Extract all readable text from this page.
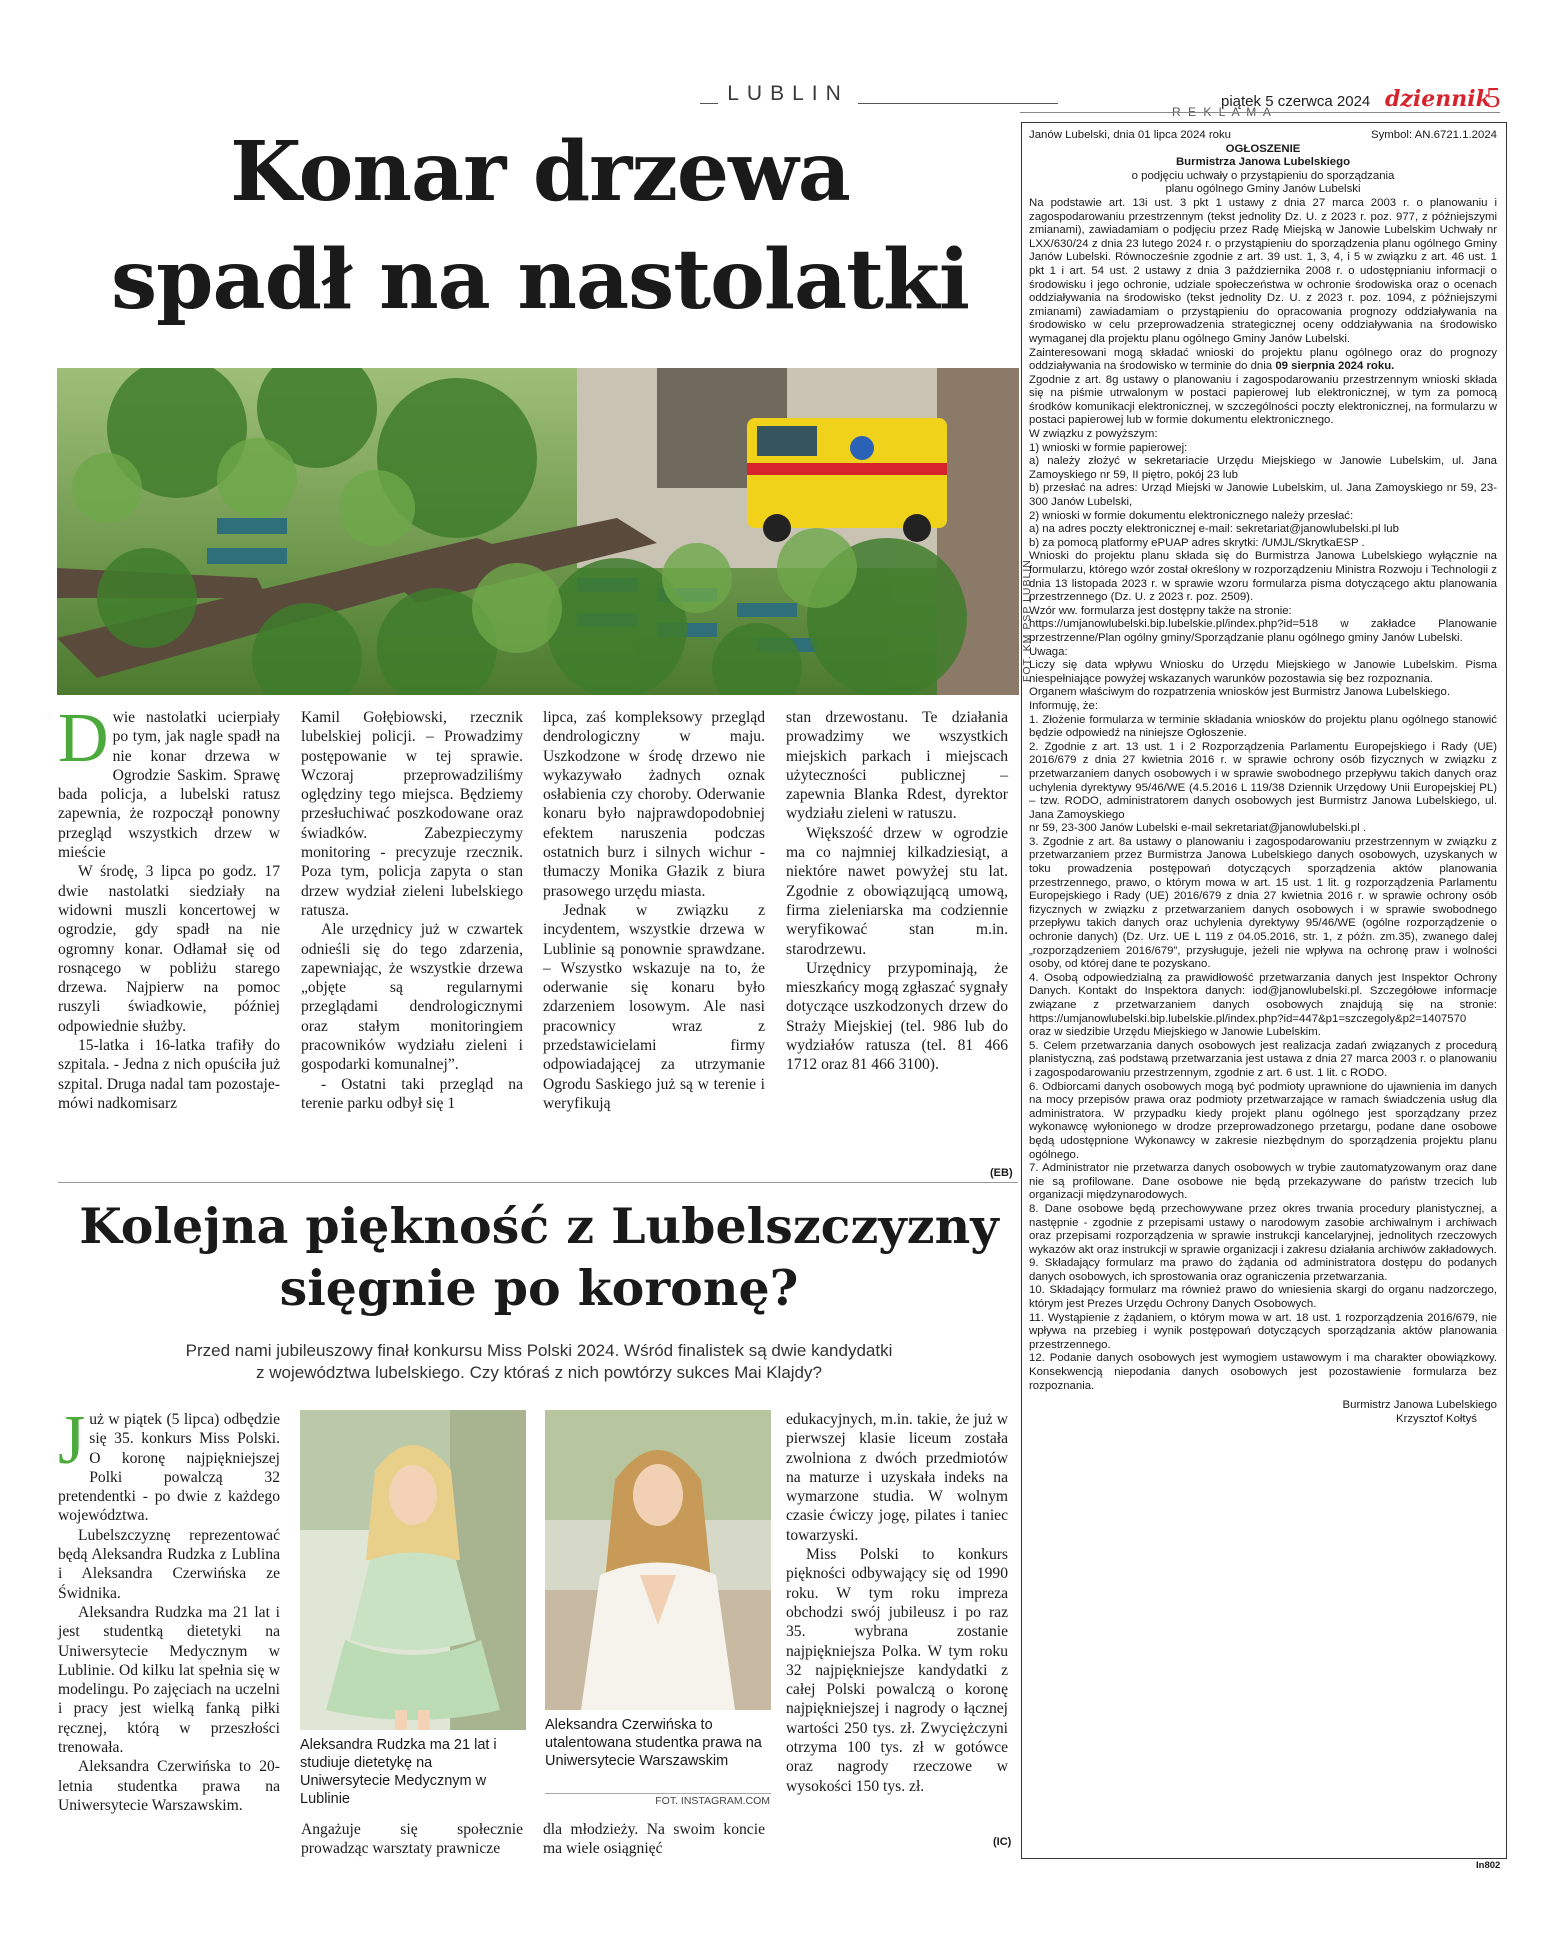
LUBLIN	piątek 5 czerwca 2024 dziennik
5
R E K L A M A
Konar drzewa
spadł na nastolatki
FOT. KM PSP LUBLIN

Dwie nastolatki ucierpiały po tym, jak nagle spadł na nie konar drzewa w Ogrodzie Saskim. Sprawę bada policja, a lubelski ratusz zapewnia, że rozpoczął ponowny przegląd wszystkich drzew w mieście

W środę, 3 lipca po godz. 17 dwie nastolatki siedziały na widowni muszli koncertowej w ogrodzie, gdy spadł na nie ogromny konar. Odłamał się od rosnącego w pobliżu starego drzewa. Najpierw na pomoc ruszyli świadkowie, później odpowiednie służby.

15-latka i 16-latka trafiły do szpitala. - Jedna z nich opuściła już szpital. Druga nadal tam pozostaje- mówi nadkomisarz

Kamil Gołębiowski, rzecznik lubelskiej policji. – Prowadzimy postępowanie w tej sprawie. Wczoraj przeprowadziliśmy oględziny tego miejsca. Będziemy przesłuchiwać poszkodowane oraz świadków. Zabezpieczymy monitoring - precyzuje rzecznik. Poza tym, policja zapyta o stan drzew wydział zieleni lubelskiego ratusza.

Ale urzędnicy już w czwartek odnieśli się do tego zdarzenia, zapewniając, że wszystkie drzewa „objęte są regularnymi przeglądami dendrologicznymi oraz stałym monitoringiem pracowników wydziału zieleni i gospodarki komunalnej”.

- Ostatni taki przegląd na terenie parku odbył się 1

lipca, zaś kompleksowy przegląd dendrologiczny w maju. Uszkodzone w środę drzewo nie wykazywało żadnych oznak osłabienia czy choroby. Oderwanie konaru było najprawdopodobniej efektem naruszenia podczas ostatnich burz i silnych wichur - tłumaczy Monika Głazik z biura prasowego urzędu miasta.

Jednak w związku z incydentem, wszystkie drzewa w Lublinie są ponownie sprawdzane. – Wszystko wskazuje na to, że oderwanie się konaru było zdarzeniem losowym. Ale nasi pracownicy wraz z przedstawicielami firmy odpowiadającej za utrzymanie Ogrodu Saskiego już są w terenie i weryfikują

stan drzewostanu. Te działania prowadzimy we wszystkich miejskich parkach i miejscach użyteczności publicznej – zapewnia Blanka Rdest, dyrektor wydziału zieleni w ratuszu.

Większość drzew w ogrodzie ma co najmniej kilkadziesiąt, a niektóre nawet powyżej stu lat. Zgodnie z obowiązującą umową, firma zieleniarska ma codziennie weryfikować stan m.in. starodrzewu.

Urzędnicy przypominają, że mieszkańcy mogą zgłaszać sygnały dotyczące uszkodzonych drzew do Straży Miejskiej (tel. 986 lub do wydziałów ratusza (tel. 81 466 1712 oraz 81 466 3100).

(EB)
Kolejna piękność z Lubelszczyzny
sięgnie po koronę?
Przed nami jubileuszowy finał konkursu Miss Polski 2024. Wśród finalistek są dwie kandydatki
z województwa lubelskiego. Czy któraś z nich powtórzy sukces Mai Klajdy?

Już w piątek (5 lipca) odbędzie się 35. konkurs Miss Polski. O koronę najpiękniejszej Polki powalczą 32 pretendentki - po dwie z każdego województwa.

Lubelszczyznę reprezentować będą Aleksandra Rudzka z Lublina i Aleksandra Czerwińska ze Świdnika.

Aleksandra Rudzka ma 21 lat i jest studentką dietetyki na Uniwersytecie Medycznym w Lublinie. Od kilku lat spełnia się w modelingu. Po zajęciach na uczelni i pracy jest wielką fanką piłki ręcznej, którą w przeszłości trenowała.

Aleksandra Czerwińska to 20-letnia studentka prawa na Uniwersytecie Warszawskim.

Aleksandra Rudzka ma 21 lat i studiuje dietetykę na Uniwersytecie Medycznym w Lublinie
Aleksandra Czerwińska to utalentowana studentka prawa na Uniwersytecie Warszawskim
FOT. INSTAGRAM.COM

Angażuje się społecznie prowadząc warsztaty prawnicze

dla młodzieży. Na swoim koncie ma wiele osiągnięć

edukacyjnych, m.in. takie, że już w pierwszej klasie liceum została zwolniona z dwóch przedmiotów na maturze i uzyskała indeks na wymarzone studia. W wolnym czasie ćwiczy jogę, pilates i taniec towarzyski.

Miss Polski to konkurs piękności odbywający się od 1990 roku. W tym roku impreza obchodzi swój jubileusz i po raz 35. wybrana zostanie najpiękniejsza Polka. W tym roku 32 najpiękniejsze kandydatki z całej Polski powalczą o koronę najpiękniejszej i nagrody o łącznej wartości 250 tys. zł. Zwyciężczyni otrzyma 100 tys. zł w gotówce oraz nagrody rzeczowe w wysokości 150 tys. zł.

(IC)
Janów Lubelski, dnia 01 lipca 2024 roku	Symbol: AN.6721.1.2024
OGŁOSZENIE
Burmistrza Janowa Lubelskiego
o podjęciu uchwały o przystąpieniu do sporządzania planu ogólnego Gminy Janów Lubelski
Na podstawie art. 13i ust. 3 pkt 1 ustawy z dnia 27 marca 2003 r. o planowaniu i zagospodarowaniu przestrzennym (tekst jednolity Dz. U. z 2023 r. poz. 977, z późniejszymi zmianami), zawiadamiam o podjęciu przez Radę Miejską w Janowie Lubelskim Uchwały nr LXX/630/24 z dnia 23 lutego 2024 r. o przystąpieniu do sporządzenia planu ogólnego Gminy Janów Lubelski. Równocześnie zgodnie z art. 39 ust. 1, 3, 4, i 5 w związku z art. 46 ust. 1 pkt 1 i art. 54 ust. 2 ustawy z dnia 3 października 2008 r. o udostępnianiu informacji o środowisku i jego ochronie, udziale społeczeństwa w ochronie środowiska oraz o ocenach oddziaływania na środowisko (tekst jednolity Dz. U. z 2023 r. poz. 1094, z późniejszymi zmianami) zawiadamiam o przystąpieniu do opracowania prognozy oddziaływania na środowisko w celu przeprowadzenia strategicznej oceny oddziaływania na środowisko wymaganej dla projektu planu ogólnego Gminy Janów Lubelski.
Zainteresowani mogą składać wnioski do projektu planu ogólnego oraz do prognozy oddziaływania na środowisko w terminie do dnia 09 sierpnia 2024 roku.
Zgodnie z art. 8g ustawy o planowaniu i zagospodarowaniu przestrzennym wnioski składa się na piśmie utrwalonym w postaci papierowej lub elektronicznej, w tym za pomocą środków komunikacji elektronicznej, w szczególności poczty elektronicznej, na formularzu w postaci papierowej lub w formie dokumentu elektronicznego.
W związku z powyższym:
1) wnioski w formie papierowej:
a) należy złożyć w sekretariacie Urzędu Miejskiego w Janowie Lubelskim, ul. Jana Zamoyskiego nr 59, II piętro, pokój 23 lub
b) przesłać na adres: Urząd Miejski w Janowie Lubelskim, ul. Jana Zamoyskiego nr 59, 23-300 Janów Lubelski,
2) wnioski w formie dokumentu elektronicznego należy przesłać:
a) na adres poczty elektronicznej e-mail: sekretariat@janowlubelski.pl lub
b) za pomocą platformy ePUAP adres skrytki: /UMJL/SkrytkaESP .
Wnioski do projektu planu składa się do Burmistrza Janowa Lubelskiego wyłącznie na formularzu, którego wzór został określony w rozporządzeniu Ministra Rozwoju i Technologii z dnia 13 listopada 2023 r. w sprawie wzoru formularza pisma dotyczącego aktu planowania przestrzennego (Dz. U. z 2023 r. poz. 2509).
Wzór ww. formularza jest dostępny także na stronie:
https://umjanowlubelski.bip.lubelskie.pl/index.php?id=518 w zakładce Planowanie przestrzenne/Plan ogólny gminy/Sporządzanie planu ogólnego gminy Janów Lubelski.
Uwaga:
Liczy się data wpływu Wniosku do Urzędu Miejskiego w Janowie Lubelskim. Pisma niespełniające powyżej wskazanych warunków pozostawia się bez rozpoznania.
Organem właściwym do rozpatrzenia wniosków jest Burmistrz Janowa Lubelskiego.
Informuję, że:
1. Złożenie formularza w terminie składania wniosków do projektu planu ogólnego stanowić będzie odpowiedź na niniejsze Ogłoszenie.
2. Zgodnie z art. 13 ust. 1 i 2 Rozporządzenia Parlamentu Europejskiego i Rady (UE) 2016/679 z dnia 27 kwietnia 2016 r. w sprawie ochrony osób fizycznych w związku z przetwarzaniem danych osobowych i w sprawie swobodnego przepływu takich danych oraz uchylenia dyrektywy 95/46/WE (4.5.2016 L 119/38 Dziennik Urzędowy Unii Europejskiej PL) – tzw. RODO, administratorem danych osobowych jest Burmistrz Janowa Lubelskiego, ul. Jana Zamoyskiego
nr 59, 23-300 Janów Lubelski e-mail sekretariat@janowlubelski.pl .
3. Zgodnie z art. 8a ustawy o planowaniu i zagospodarowaniu przestrzennym w związku z przetwarzaniem przez Burmistrza Janowa Lubelskiego danych osobowych, uzyskanych w toku prowadzenia postępowań dotyczących sporządzenia aktów planowania przestrzennego, prawo, o którym mowa w art. 15 ust. 1 lit. g rozporządzenia Parlamentu Europejskiego i Rady (UE) 2016/679 z dnia 27 kwietnia 2016 r. w sprawie ochrony osób fizycznych w związku z przetwarzaniem danych osobowych i w sprawie swobodnego przepływu takich danych oraz uchylenia dyrektywy 95/46/WE (ogólne rozporządzenie o ochronie danych) (Dz. Urz. UE L 119 z 04.05.2016, str. 1, z późn. zm.35), zwanego dalej „rozporządzeniem 2016/679”, przysługuje, jeżeli nie wpływa na ochronę praw i wolności osoby, od której dane te pozyskano.
4. Osobą odpowiedzialną za prawidłowość przetwarzania danych jest Inspektor Ochrony Danych. Kontakt do Inspektora danych: iod@janowlubelski.pl. Szczegółowe informacje związane z przetwarzaniem danych osobowych znajdują się na stronie: https://umjanowlubelski.bip.lubelskie.pl/index.php?id=447&p1=szczegoly&p2=1407570
oraz w siedzibie Urzędu Miejskiego w Janowie Lubelskim.
5. Celem przetwarzania danych osobowych jest realizacja zadań związanych z procedurą planistyczną, zaś podstawą przetwarzania jest ustawa z dnia 27 marca 2003 r. o planowaniu i zagospodarowaniu przestrzennym, zgodnie z art. 6 ust. 1 lit. c RODO.
6. Odbiorcami danych osobowych mogą być podmioty uprawnione do ujawnienia im danych na mocy przepisów prawa oraz podmioty przetwarzające w ramach świadczenia usług dla administratora. W przypadku kiedy projekt planu ogólnego jest sporządzany przez wykonawcę wyłonionego w drodze przeprowadzonego przetargu, podane dane osobowe będą udostępnione Wykonawcy w zakresie niezbędnym do sporządzenia projektu planu ogólnego.
7. Administrator nie przetwarza danych osobowych w trybie zautomatyzowanym oraz dane nie są profilowane. Dane osobowe nie będą przekazywane do państw trzecich lub organizacji międzynarodowych.
8. Dane osobowe będą przechowywane przez okres trwania procedury planistycznej, a następnie - zgodnie z przepisami ustawy o narodowym zasobie archiwalnym i archiwach oraz przepisami rozporządzenia w sprawie instrukcji kancelaryjnej, jednolitych rzeczowych wykazów akt oraz instrukcji w sprawie organizacji i zakresu działania archiwów zakładowych.
9. Składający formularz ma prawo do żądania od administratora dostępu do podanych danych osobowych, ich sprostowania oraz ograniczenia przetwarzania.
10. Składający formularz ma również prawo do wniesienia skargi do organu nadzorczego, którym jest Prezes Urzędu Ochrony Danych Osobowych.
11. Wystąpienie z żądaniem, o którym mowa w art. 18 ust. 1 rozporządzenia 2016/679, nie wpływa na przebieg i wynik postępowań dotyczących sporządzania aktów planowania przestrzennego.
12. Podanie danych osobowych jest wymogiem ustawowym i ma charakter obowiązkowy. Konsekwencją niepodania danych osobowych jest pozostawienie formularza bez rozpoznania.
Burmistrz Janowa Lubelskiego
Krzysztof Kołtyś
In802
